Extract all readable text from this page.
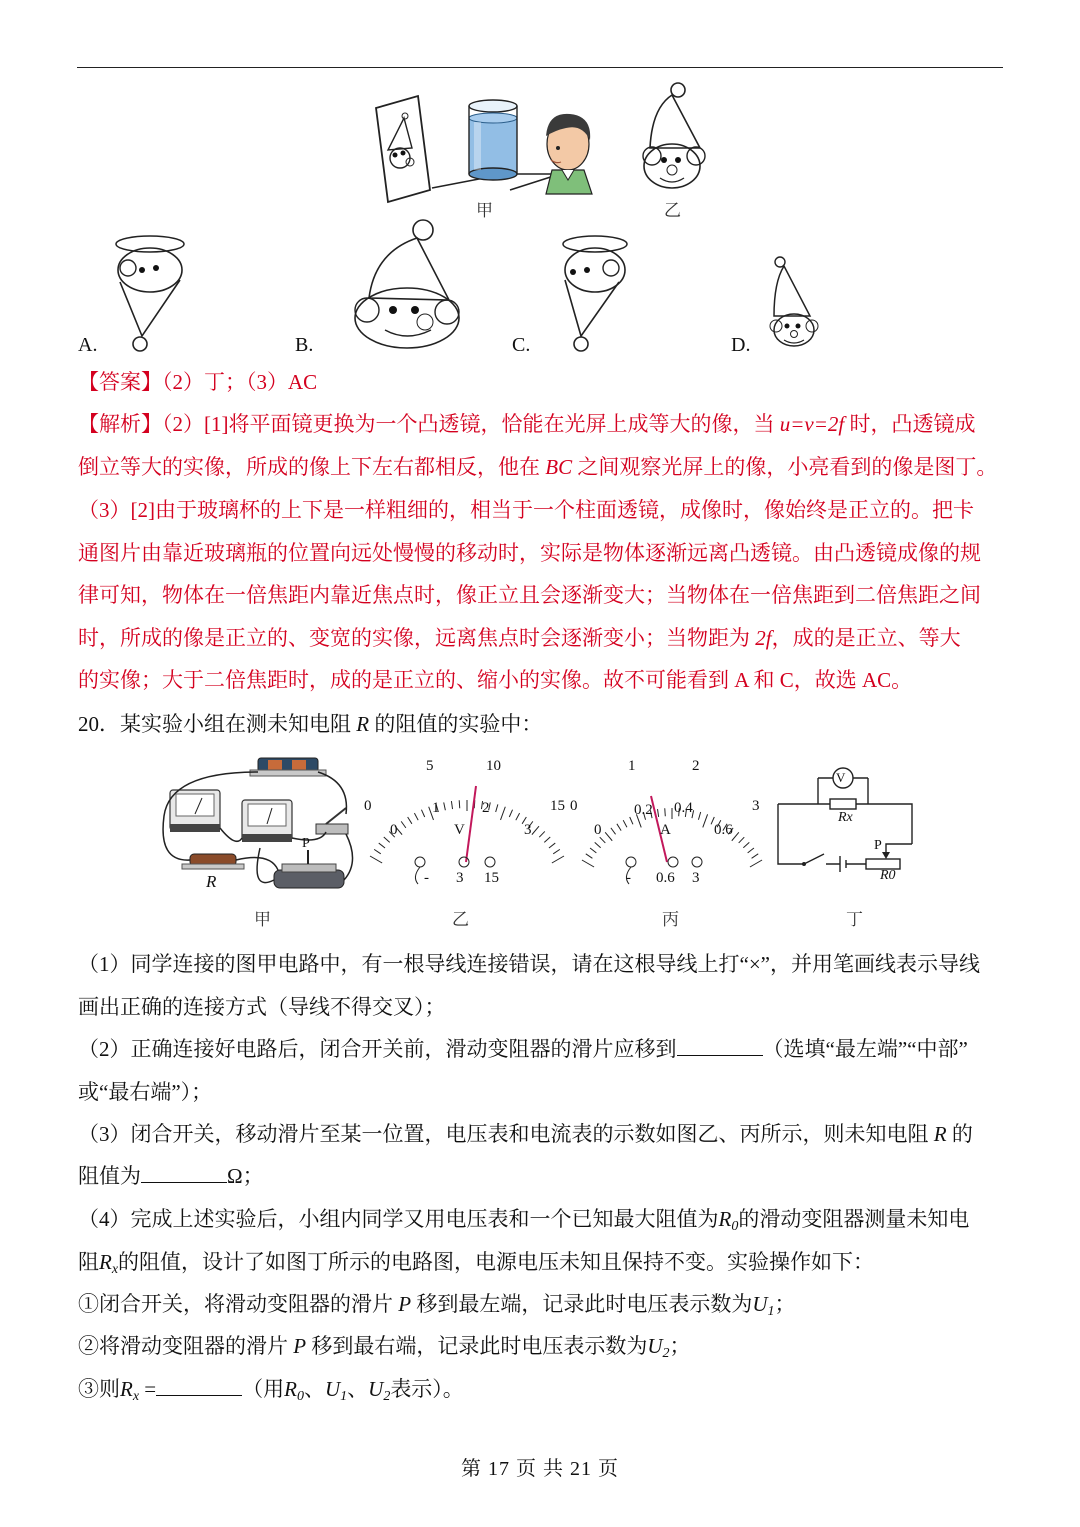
甲	乙
A.	B.	C.	D.
【答案】（2）丁；（3）AC
【解析】（2）[1]将平面镜更换为一个凸透镜，恰能在光屏上成等大的像，当 u=v=2f 时，凸透镜成
倒立等大的实像，所成的像上下左右都相反，他在 BC 之间观察光屏上的像，小亮看到的像是图丁。
（3）[2]由于玻璃杯的上下是一样粗细的，相当于一个柱面透镜，成像时，像始终是正立的。把卡
通图片由靠近玻璃瓶的位置向远处慢慢的移动时，实际是物体逐渐远离凸透镜。由凸透镜成像的规
律可知，物体在一倍焦距内靠近焦点时，像正立且会逐渐变大；当物体在一倍焦距到二倍焦距之间
时，所成的像是正立的、变宽的实像，远离焦点时会逐渐变小；当物距为 2f，成的是正立、等大
的实像；大于二倍焦距时，成的是正立的、缩小的实像。故不可能看到 A 和 C，故选 AC。
20．某实验小组在测未知电阻 R 的阻值的实验中：
R
P
5	10
0	15
1	2
0	3
V
- 3 15
1	2
0	3
0.2 0.4
0	0.6
A
- 0.6 3
V
Rx
P
R0
甲	乙	丙	丁
（1）同学连接的图甲电路中，有一根导线连接错误，请在这根导线上打“×”，并用笔画线表示导线
画出正确的连接方式（导线不得交叉）；
（2）正确连接好电路后，闭合开关前，滑动变阻器的滑片应移到	（选填“最左端”“中部”
或“最右端”）；
（3）闭合开关，移动滑片至某一位置，电压表和电流表的示数如图乙、丙所示，则未知电阻 R 的
阻值为	Ω；
（4）完成上述实验后，小组内同学又用电压表和一个已知最大阻值为$R_0$的滑动变阻器测量未知电
阻$R_x$的阻值，设计了如图丁所示的电路图，电源电压未知且保持不变。实验操作如下：
①闭合开关，将滑动变阻器的滑片 P 移到最左端，记录此时电压表示数为$U_1$；
②将滑动变阻器的滑片 P 移到最右端，记录此时电压表示数为$U_2$；
③则$R_x$ =	（用$R_0$、$U_1$、$U_2$表示）。
第 17 页 共 21 页
